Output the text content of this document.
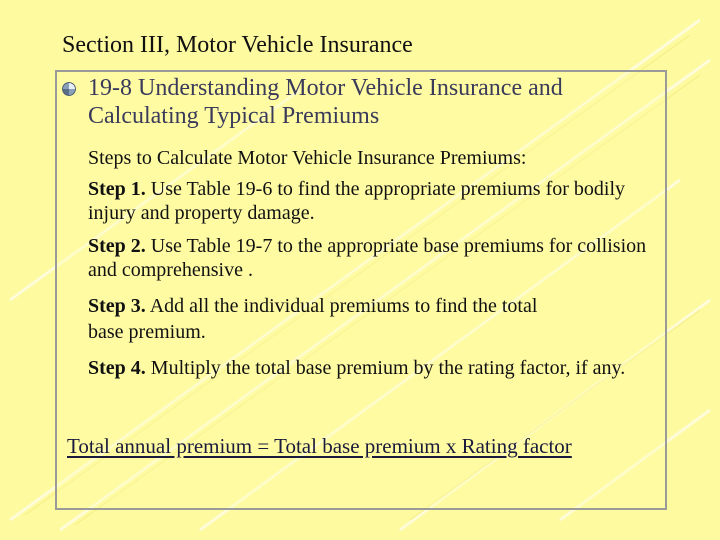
Section III, Motor Vehicle Insurance
19-8 Understanding Motor Vehicle Insurance and Calculating Typical Premiums
Steps to Calculate Motor Vehicle Insurance Premiums:
Step 1. Use Table 19-6 to find the appropriate premiums for bodily injury and property damage.
Step 2. Use Table 19-7 to the appropriate base premiums for collision and comprehensive .
Step 3. Add all the individual premiums to find the total
base premium.
Step 4. Multiply the total base premium by the rating factor, if any.
Total annual premium = Total base premium x Rating factor
